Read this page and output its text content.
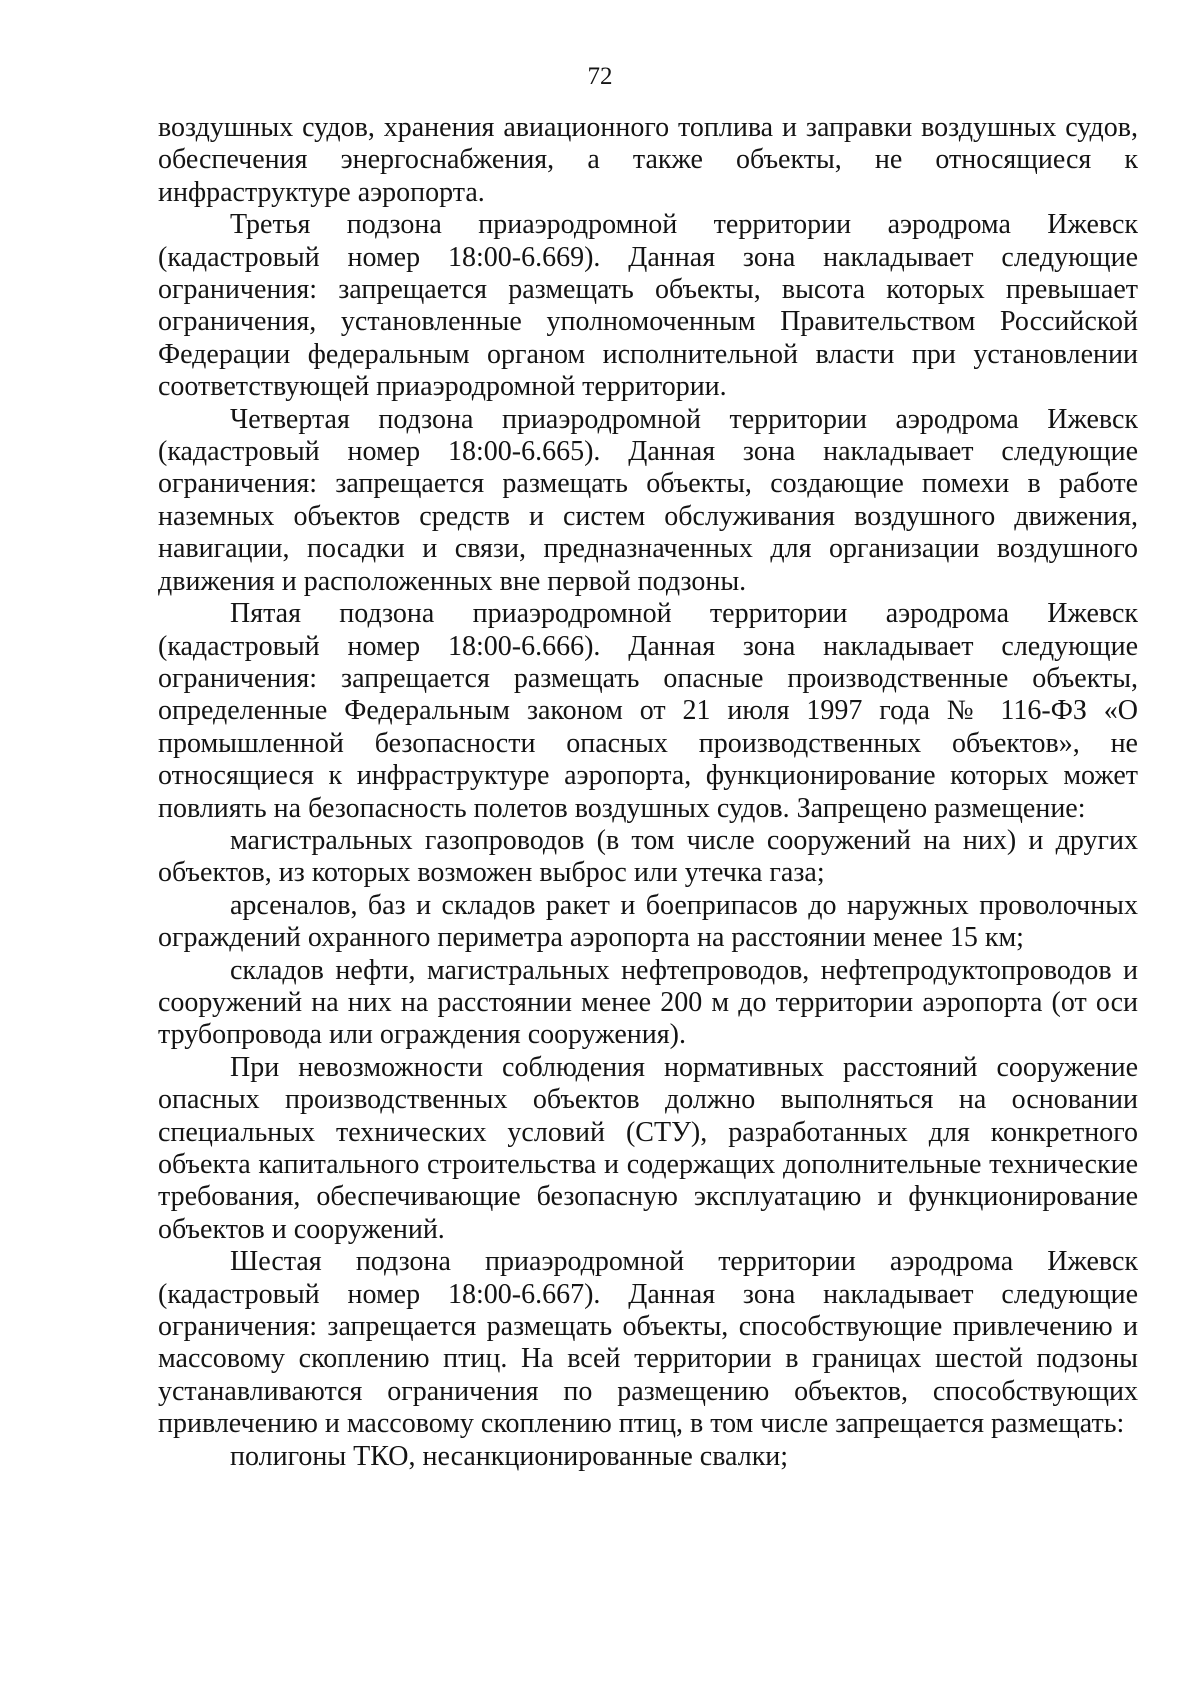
72

воздушных судов, хранения авиационного топлива и заправки воздушных судов, обеспечения энергоснабжения, а также объекты, не относящиеся к инфраструктуре аэропорта.

Третья подзона приаэродромной территории аэродрома Ижевск (кадастровый номер 18:00-6.669). Данная зона накладывает следующие ограничения: запрещается размещать объекты, высота которых превышает ограничения, установленные уполномоченным Правительством Российской Федерации федеральным органом исполнительной власти при установлении соответствующей приаэродромной территории.

Четвертая подзона приаэродромной территории аэродрома Ижевск (кадастровый номер 18:00-6.665). Данная зона накладывает следующие ограничения: запрещается размещать объекты, создающие помехи в работе наземных объектов средств и систем обслуживания воздушного движения, навигации, посадки и связи, предназначенных для организации воздушного движения и расположенных вне первой подзоны.

Пятая подзона приаэродромной территории аэродрома Ижевск (кадастровый номер 18:00-6.666). Данная зона накладывает следующие ограничения: запрещается размещать опасные производственные объекты, определенные Федеральным законом от 21 июля 1997 года № 116-ФЗ «О промышленной безопасности опасных производственных объектов», не относящиеся к инфраструктуре аэропорта, функционирование которых может повлиять на безопасность полетов воздушных судов. Запрещено размещение:

магистральных газопроводов (в том числе сооружений на них) и других объектов, из которых возможен выброс или утечка газа;

арсеналов, баз и складов ракет и боеприпасов до наружных проволочных ограждений охранного периметра аэропорта на расстоянии менее 15 км;

складов нефти, магистральных нефтепроводов, нефтепродуктопроводов и сооружений на них на расстоянии менее 200 м до территории аэропорта (от оси трубопровода или ограждения сооружения).

При невозможности соблюдения нормативных расстояний сооружение опасных производственных объектов должно выполняться на основании специальных технических условий (СТУ), разработанных для конкретного объекта капитального строительства и содержащих дополнительные технические требования, обеспечивающие безопасную эксплуатацию и функционирование объектов и сооружений.

Шестая подзона приаэродромной территории аэродрома Ижевск (кадастровый номер 18:00-6.667). Данная зона накладывает следующие ограничения: запрещается размещать объекты, способствующие привлечению и массовому скоплению птиц. На всей территории в границах шестой подзоны устанавливаются ограничения по размещению объектов, способствующих привлечению и массовому скоплению птиц, в том числе запрещается размещать:

полигоны ТКО, несанкционированные свалки;
